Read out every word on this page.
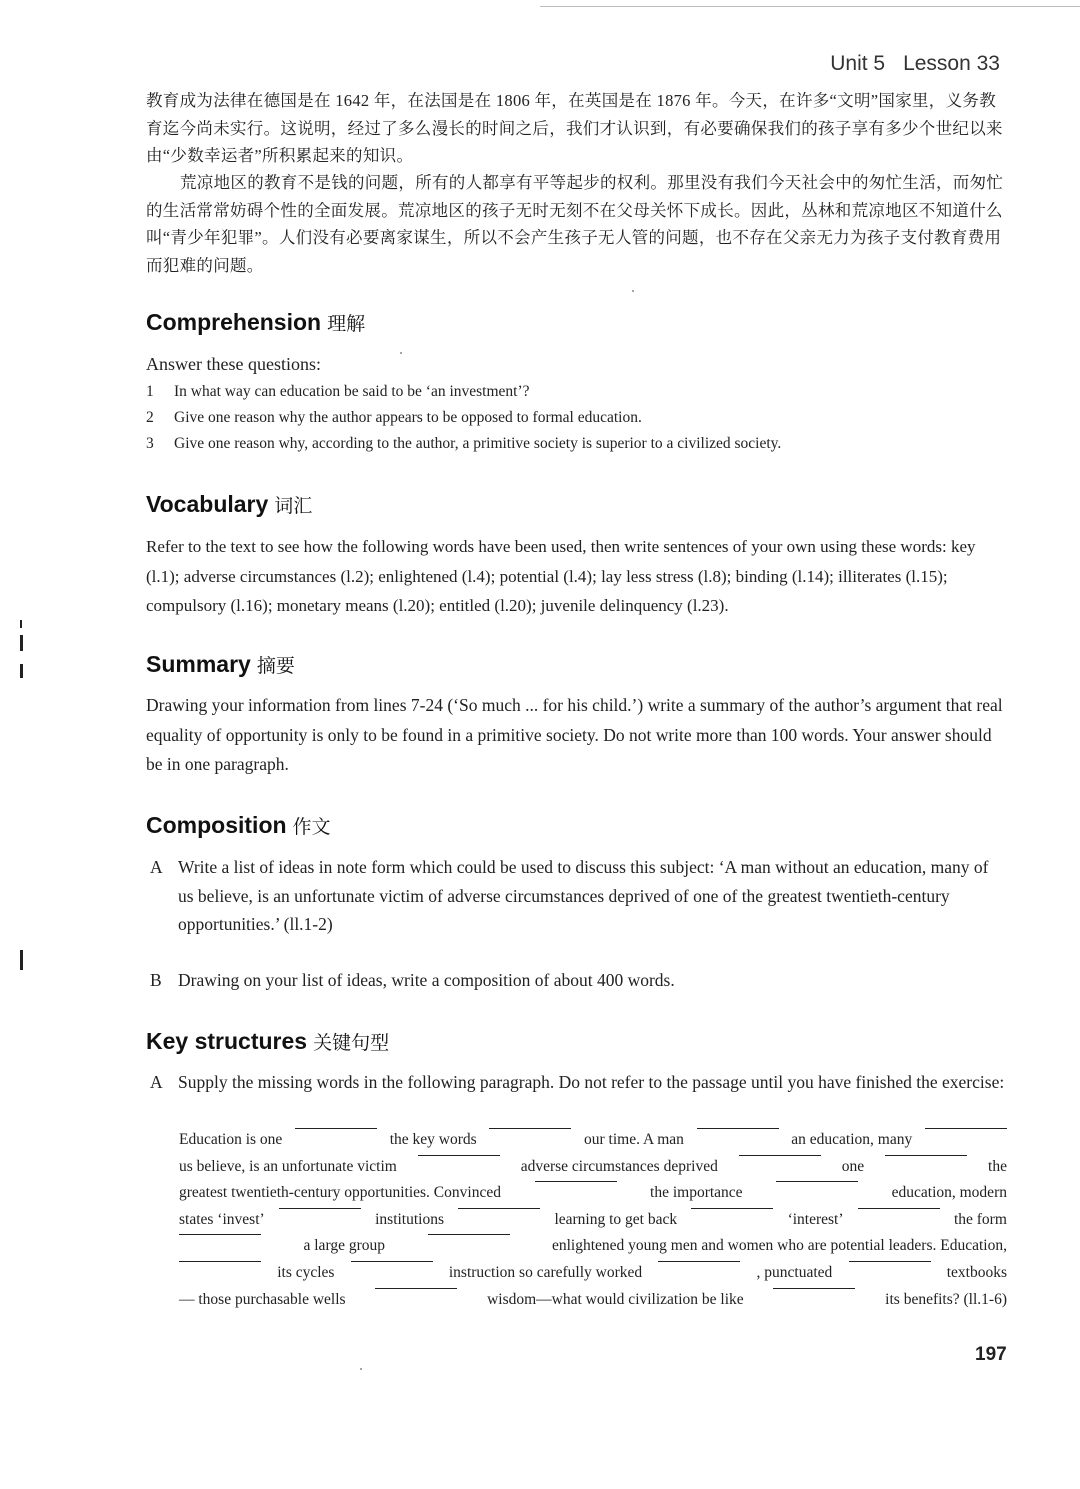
Unit 5 Lesson 33
教育成为法律在德国是在 1642 年，在法国是在 1806 年，在英国是在 1876 年。今天，在许多“文明”国家里，义务教育迄今尚未实行。这说明，经过了多么漫长的时间之后，我们才认识到，有必要确保我们的孩子享有多少个世纪以来由“少数幸运者”所积累起来的知识。
荒凉地区的教育不是钱的问题，所有的人都享有平等起步的权利。那里没有我们今天社会中的匆忙生活，而匆忙的生活常常妨碍个性的全面发展。荒凉地区的孩子无时无刻不在父母关怀下成长。因此，丛林和荒凉地区不知道什么叫“青少年犯罪”。人们没有必要离家谋生，所以不会产生孩子无人管的问题，也不存在父亲无力为孩子支付教育费用而犯难的问题。
Comprehension 理解
Answer these questions:
1 In what way can education be said to be ‘an investment’?
2 Give one reason why the author appears to be opposed to formal education.
3 Give one reason why, according to the author, a primitive society is superior to a civilized society.
Vocabulary 词汇
Refer to the text to see how the following words have been used, then write sentences of your own using these words: key (l.1); adverse circumstances (l.2); enlightened (l.4); potential (l.4); lay less stress (l.8); binding (l.14); illiterates (l.15); compulsory (l.16); monetary means (l.20); entitled (l.20); juvenile delinquency (l.23).
Summary 摘要
Drawing your information from lines 7-24 (‘So much ... for his child.’) write a summary of the author’s argument that real equality of opportunity is only to be found in a primitive society. Do not write more than 100 words. Your answer should be in one paragraph.
Composition 作文
A Write a list of ideas in note form which could be used to discuss this subject: ‘A man without an education, many of us believe, is an unfortunate victim of adverse circumstances deprived of one of the greatest twentieth-century opportunities.’ (ll.1-2)
B Drawing on your list of ideas, write a composition of about 400 words.
Key structures 关键句型
A Supply the missing words in the following paragraph. Do not refer to the passage until you have finished the exercise:
Education is one	the key words	our time. A man	an education, many
us believe, is an unfortunate victim	adverse circumstances deprived	one	the
greatest twentieth-century opportunities. Convinced	the importance	education, modern
states ‘invest’	institutions	learning to get back	‘interest’	the form
a large group	enlightened young men and women who are potential leaders. Education,
its cycles	instruction so carefully worked	, punctuated	textbooks
— those purchasable wells	wisdom—what would civilization be like	its benefits? (ll.1-6)
197
